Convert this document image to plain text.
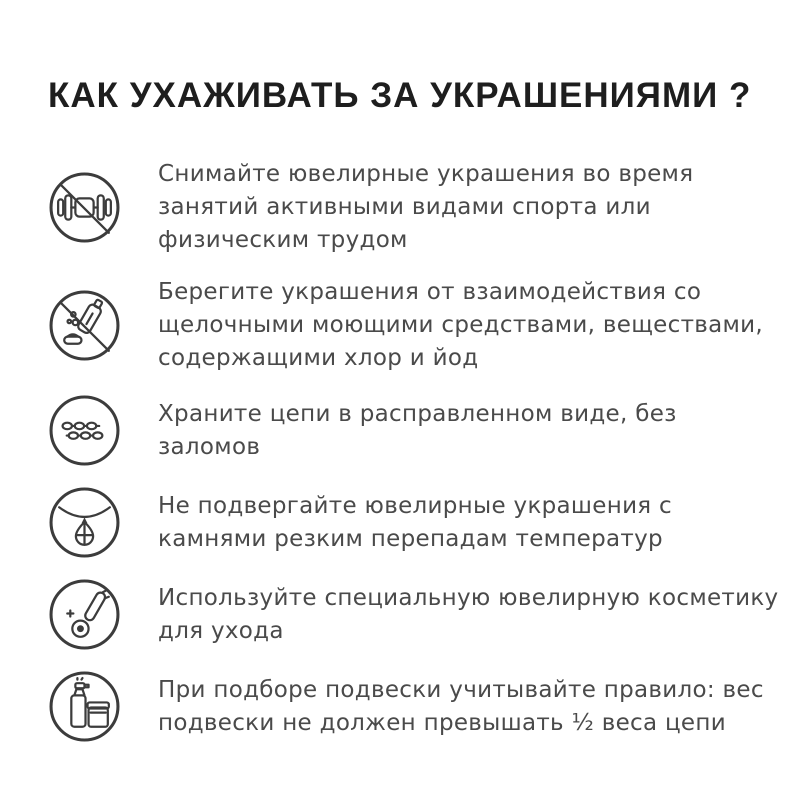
КАК УХАЖИВАТЬ ЗА УКРАШЕНИЯМИ ?
Снимайте ювелирные украшения во время
занятий активными видами спорта или
физическим трудом
Берегите украшения от взаимодействия со
щелочными моющими средствами, веществами,
содержащими хлор и йод
Храните цепи в расправленном виде, без
заломов
Не подвергайте ювелирные украшения с
камнями резким перепадам температур
Используйте специальную ювелирную косметику
для ухода
При подборе подвески учитывайте правило: вес
подвески не должен превышать ½ веса цепи
